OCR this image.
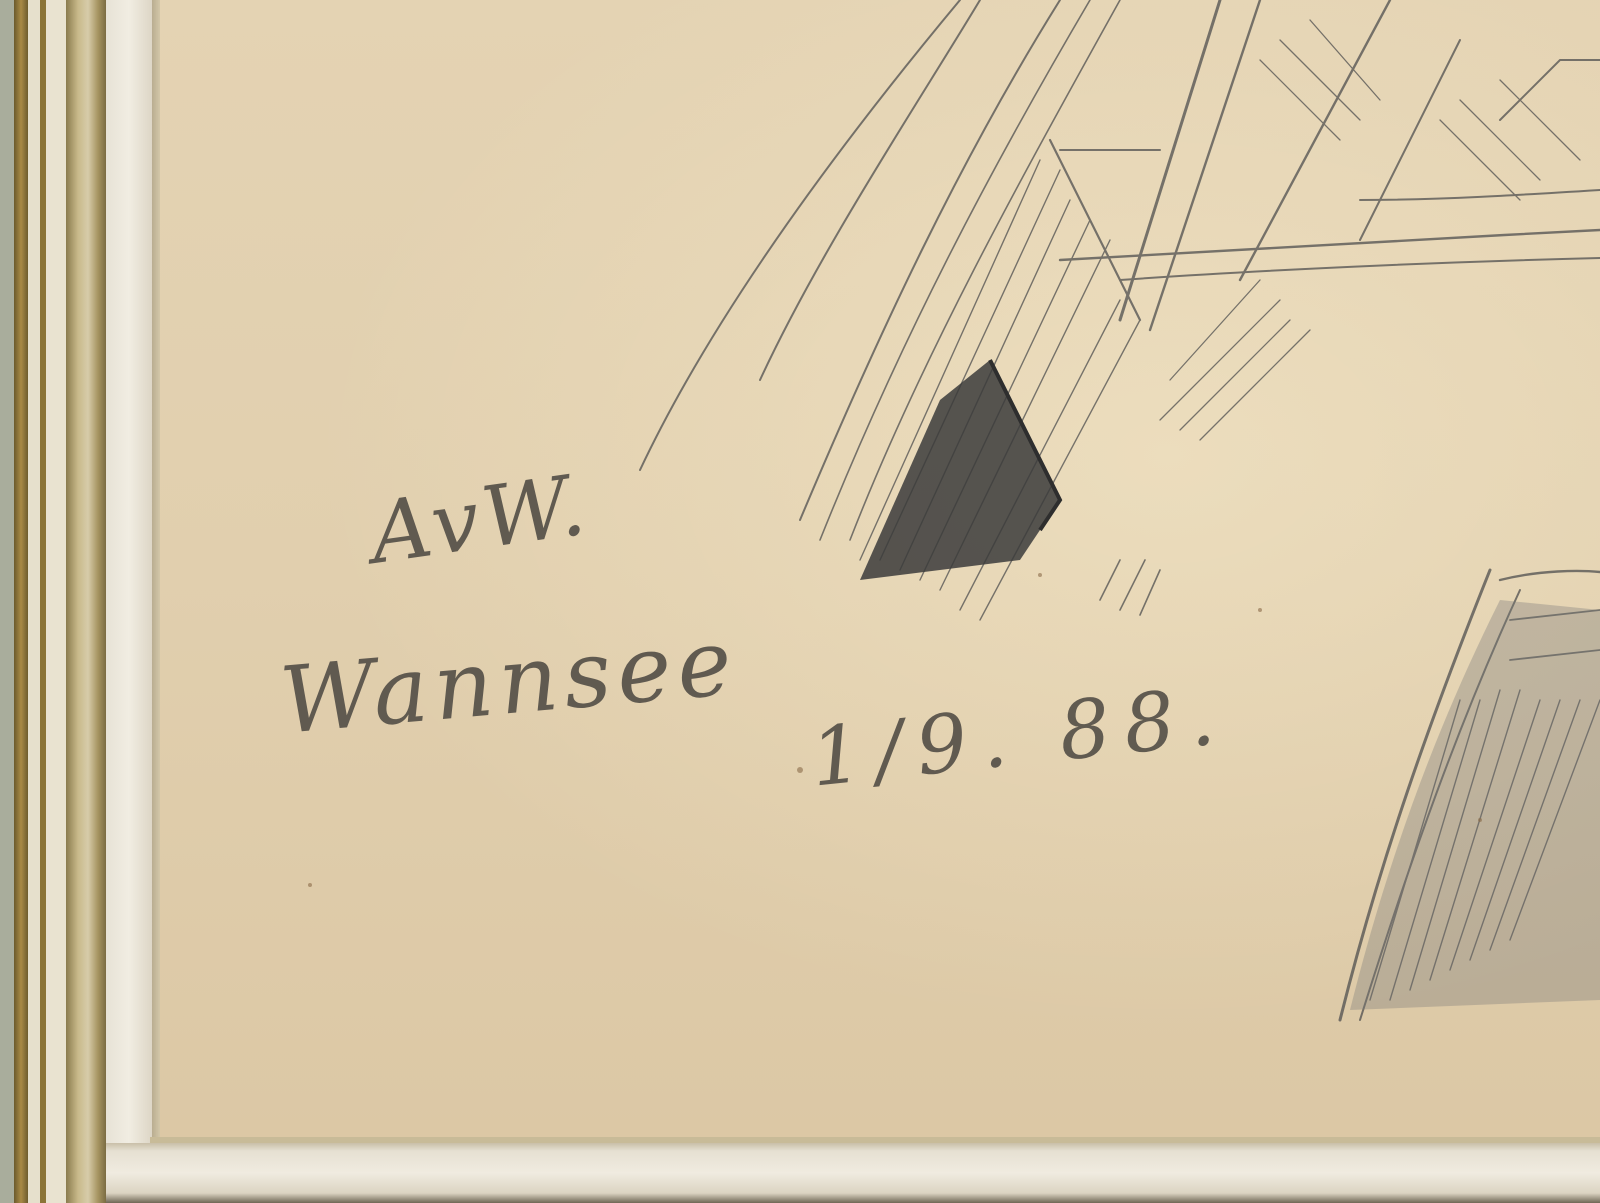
AvW.

Wannsee 1/9. 88.
